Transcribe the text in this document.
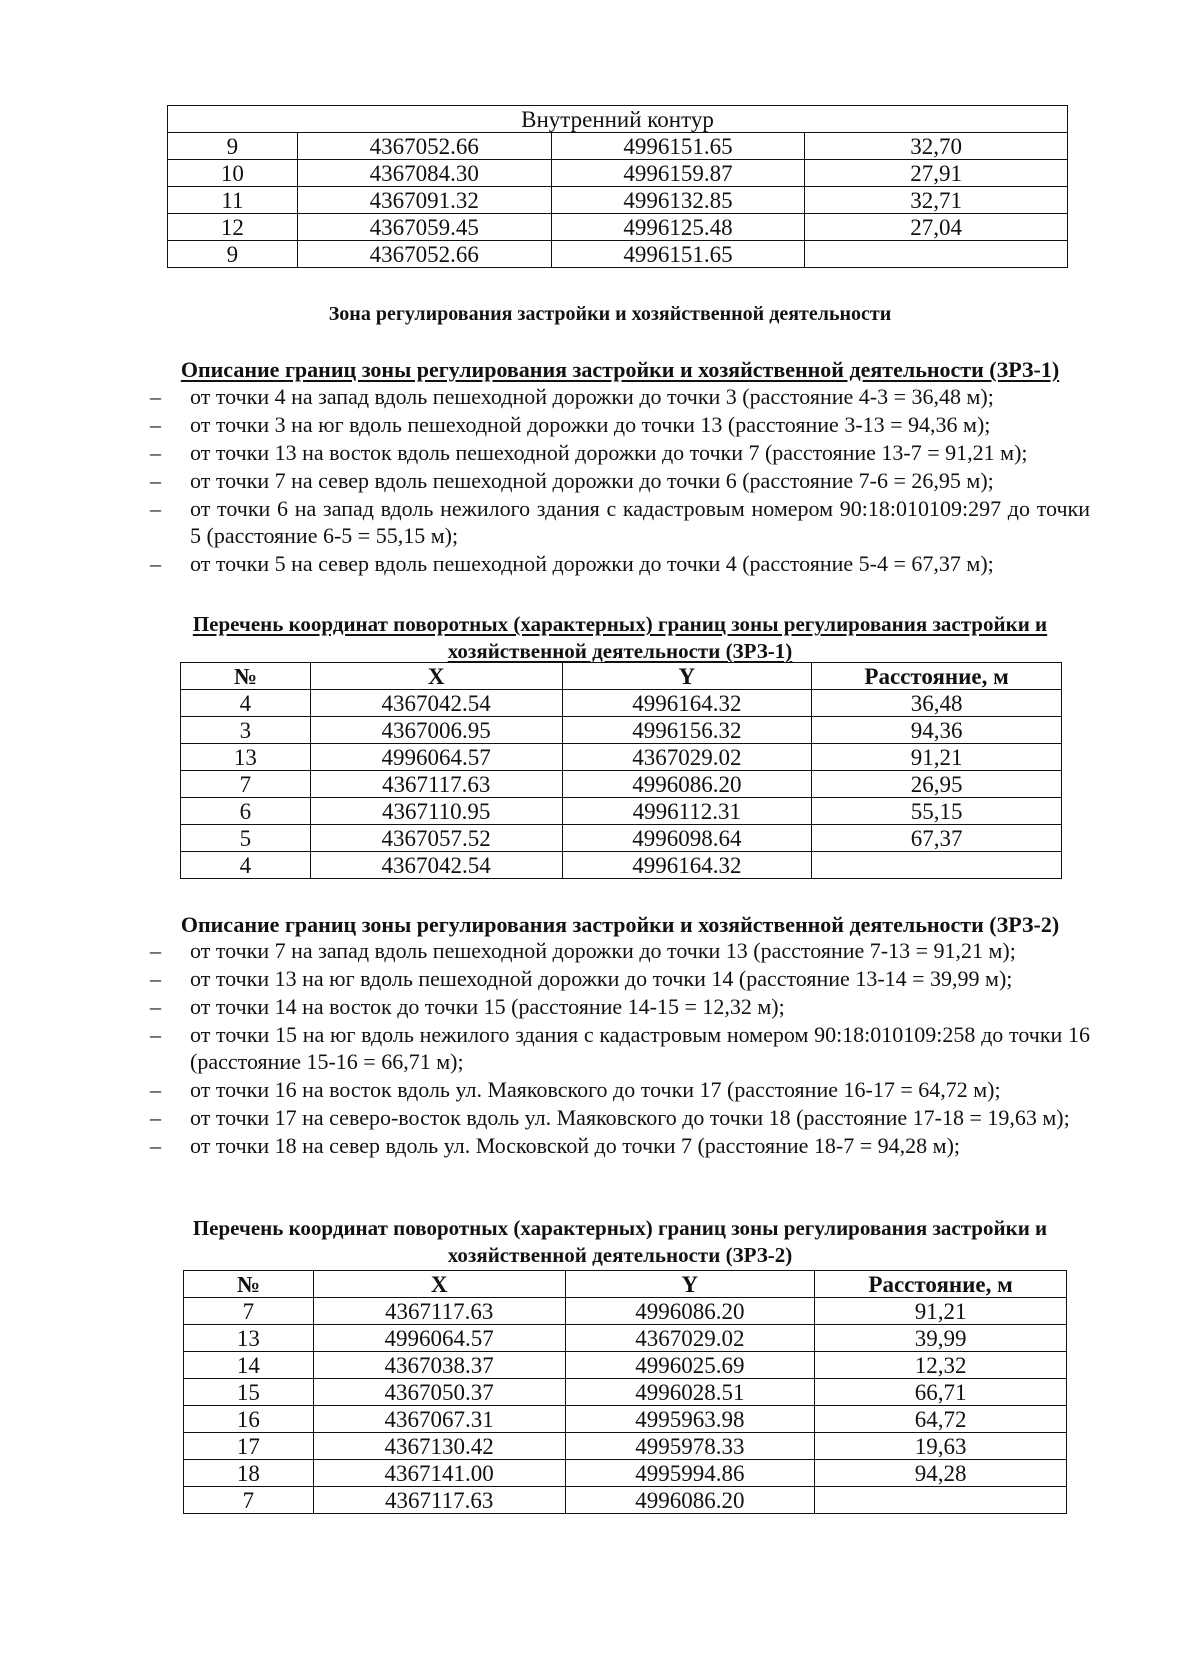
Внутренний контур			
9	4367052.66	4996151.65	32,70
10	4367084.30	4996159.87	27,91
11	4367091.32	4996132.85	32,71
12	4367059.45	4996125.48	27,04
9	4367052.66	4996151.65	
Зона регулирования застройки и хозяйственной деятельности
Описание границ зоны регулирования застройки и хозяйственной деятельности (ЗРЗ-1)
– от точки 4 на запад вдоль пешеходной дорожки до точки 3 (расстояние 4-3 = 36,48 м);
– от точки 3 на юг вдоль пешеходной дорожки до точки 13 (расстояние 3-13 = 94,36 м);
– от точки 13 на восток вдоль пешеходной дорожки до точки 7 (расстояние 13-7 = 91,21 м);
– от точки 7 на север вдоль пешеходной дорожки до точки 6 (расстояние 7-6 = 26,95 м);
– от точки 6 на запад вдоль нежилого здания с кадастровым номером 90:18:010109:297 до точки 5 (расстояние 6-5 = 55,15 м);
– от точки 5 на север вдоль пешеходной дорожки до точки 4 (расстояние 5-4 = 67,37 м);
Перечень координат поворотных (характерных) границ зоны регулирования застройки и хозяйственной деятельности (ЗРЗ-1)
№	X	Y	Расстояние, м
4	4367042.54	4996164.32	36,48
3	4367006.95	4996156.32	94,36
13	4996064.57	4367029.02	91,21
7	4367117.63	4996086.20	26,95
6	4367110.95	4996112.31	55,15
5	4367057.52	4996098.64	67,37
4	4367042.54	4996164.32	
Описание границ зоны регулирования застройки и хозяйственной деятельности (ЗРЗ-2)
– от точки 7 на запад вдоль пешеходной дорожки до точки 13 (расстояние 7-13 = 91,21 м);
– от точки 13 на юг вдоль пешеходной дорожки до точки 14 (расстояние 13-14 = 39,99 м);
– от точки 14 на восток до точки 15 (расстояние 14-15 = 12,32 м);
– от точки 15 на юг вдоль нежилого здания с кадастровым номером 90:18:010109:258 до точки 16 (расстояние 15-16 = 66,71 м);
– от точки 16 на восток вдоль ул. Маяковского до точки 17 (расстояние 16-17 = 64,72 м);
– от точки 17 на северо-восток вдоль ул. Маяковского до точки 18 (расстояние 17-18 = 19,63 м);
– от точки 18 на север вдоль ул. Московской до точки 7 (расстояние 18-7 = 94,28 м);
Перечень координат поворотных (характерных) границ зоны регулирования застройки и хозяйственной деятельности (ЗРЗ-2)
№	X	Y	Расстояние, м
7	4367117.63	4996086.20	91,21
13	4996064.57	4367029.02	39,99
14	4367038.37	4996025.69	12,32
15	4367050.37	4996028.51	66,71
16	4367067.31	4995963.98	64,72
17	4367130.42	4995978.33	19,63
18	4367141.00	4995994.86	94,28
7	4367117.63	4996086.20	
